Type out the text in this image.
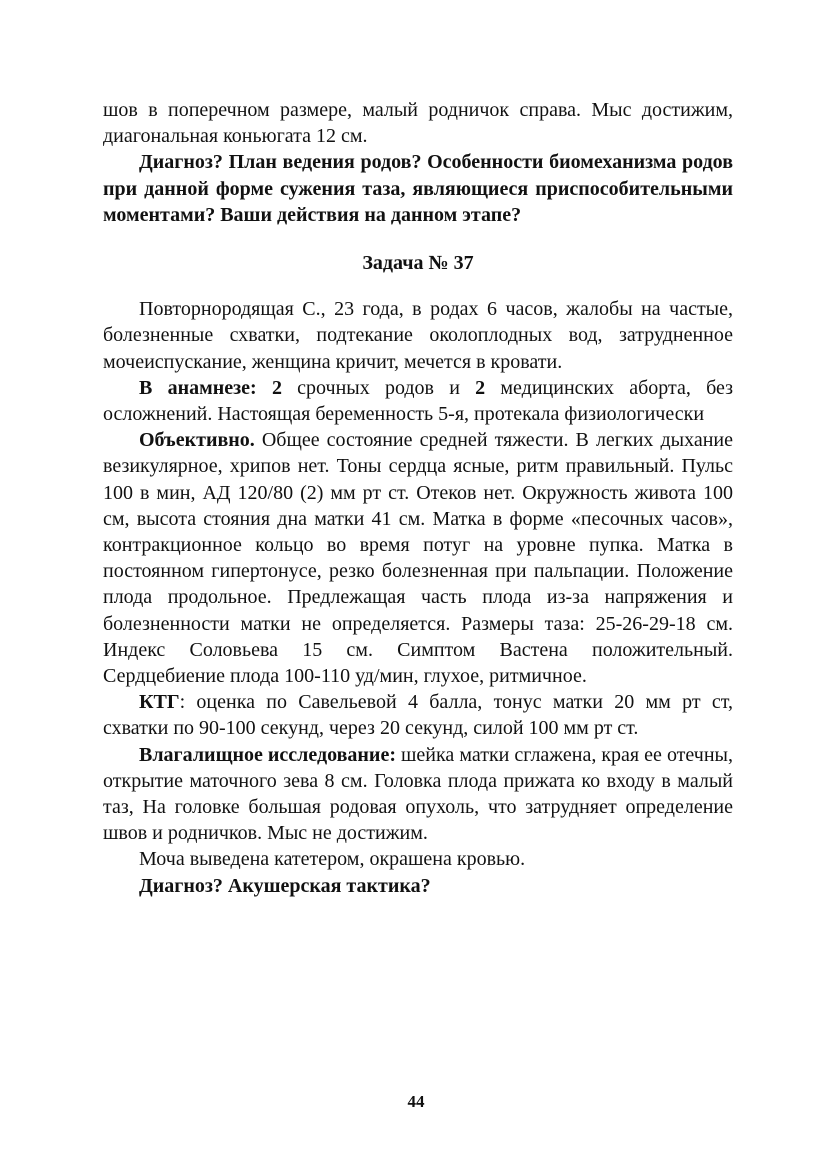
шов в поперечном размере, малый родничок справа. Мыс достижим, диагональная коньюгата 12 см.

Диагноз? План ведения родов? Особенности биомеханизма родов при данной форме сужения таза, являющиеся приспособительными моментами? Ваши действия на данном этапе?

Задача № 37

Повторнородящая С., 23 года, в родах 6 часов, жалобы на частые, болезненные схватки, подтекание околоплодных вод, затрудненное мочеиспускание, женщина кричит, мечется в кровати.

В анамнезе: 2 срочных родов и 2 медицинских аборта, без осложнений. Настоящая беременность 5-я, протекала физиологически

Объективно. Общее состояние средней тяжести. В легких дыхание везикулярное, хрипов нет. Тоны сердца ясные, ритм правильный. Пульс 100 в мин, АД 120/80 (2) мм рт ст. Отеков нет. Окружность живота 100 см, высота стояния дна матки 41 см. Матка в форме «песочных часов», контракционное кольцо во время потуг на уровне пупка. Матка в постоянном гипертонусе, резко болезненная при пальпации. Положение плода продольное. Предлежащая часть плода из-за напряжения и болезненности матки не определяется. Размеры таза: 25-26-29-18 см. Индекс Соловьева 15 см. Симптом Вастена положительный. Сердцебиение плода 100-110 уд/мин, глухое, ритмичное.

КТГ: оценка по Савельевой 4 балла, тонус матки 20 мм рт ст, схватки по 90-100 секунд, через 20 секунд, силой 100 мм рт ст.

Влагалищное исследование: шейка матки сглажена, края ее отечны, открытие маточного зева 8 см. Головка плода прижата ко входу в малый таз, На головке большая родовая опухоль, что затрудняет определение швов и родничков. Мыс не достижим.

Моча выведена катетером, окрашена кровью.

Диагноз? Акушерская тактика?

44
